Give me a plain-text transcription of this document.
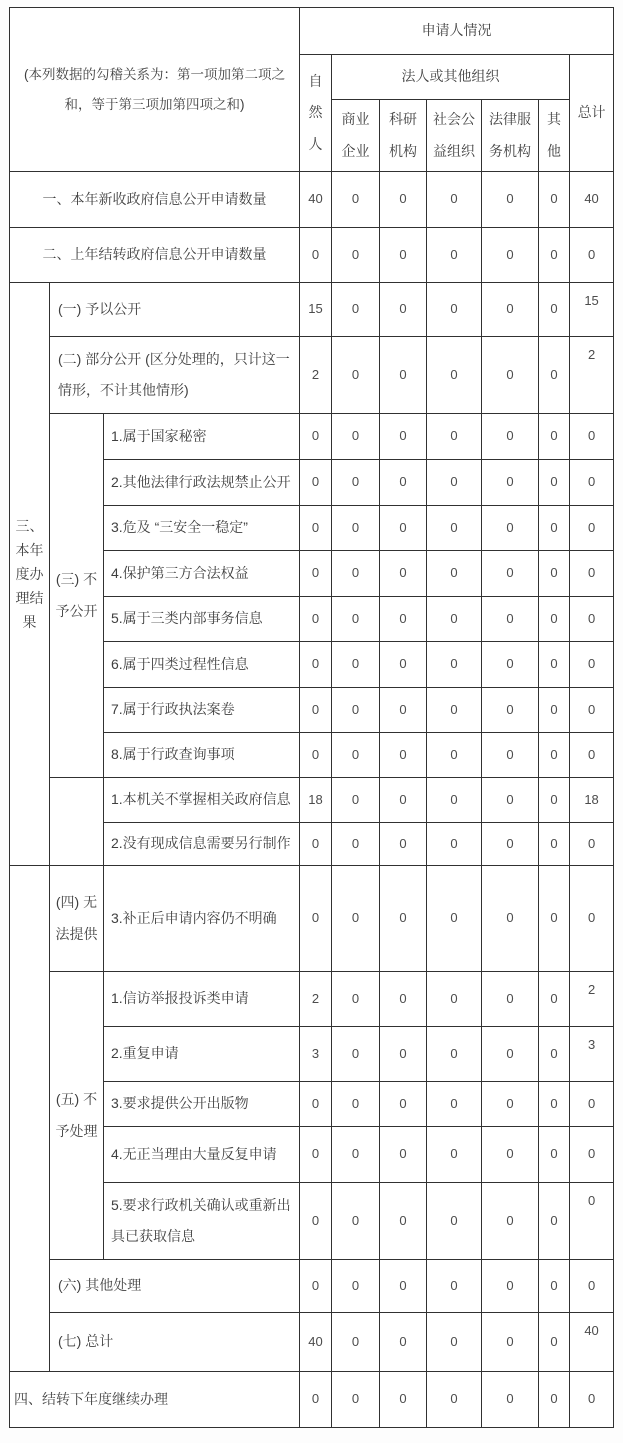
(本列数据的勾稽关系为：第一项加第二项之和，等于第三项加第四项之和)			申请人情况						
			自然人	法人或其他组织					总计
				商业企业	科研机构	社会公益组织	法律服务机构	其他	
一、本年新收政府信息公开申请数量			40	0	0	0	0	0	40
二、上年结转政府信息公开申请数量			0	0	0	0	0	0	0
三、本年度办理结果	(一) 予以公开		15	0	0	0	0	0	15
	(二) 部分公开 (区分处理的，只计这一情形，不计其他情形)		2	0	0	0	0	0	2
	(三) 不予公开	1.属于国家秘密	0	0	0	0	0	0	0
		2.其他法律行政法规禁止公开	0	0	0	0	0	0	0
		3.危及 “三安全一稳定”	0	0	0	0	0	0	0
		4.保护第三方合法权益	0	0	0	0	0	0	0
		5.属于三类内部事务信息	0	0	0	0	0	0	0
		6.属于四类过程性信息	0	0	0	0	0	0	0
		7.属于行政执法案卷	0	0	0	0	0	0	0
		8.属于行政查询事项	0	0	0	0	0	0	0
		1.本机关不掌握相关政府信息	18	0	0	0	0	0	18
		2.没有现成信息需要另行制作	0	0	0	0	0	0	0
	(四) 无法提供	3.补正后申请内容仍不明确	0	0	0	0	0	0	0
	(五) 不予处理	1.信访举报投诉类申请	2	0	0	0	0	0	2
		2.重复申请	3	0	0	0	0	0	3
		3.要求提供公开出版物	0	0	0	0	0	0	0
		4.无正当理由大量反复申请	0	0	0	0	0	0	0
		5.要求行政机关确认或重新出具已获取信息	0	0	0	0	0	0	0
	(六) 其他处理		0	0	0	0	0	0	0
	(七) 总计		40	0	0	0	0	0	40
四、结转下年度继续办理			0	0	0	0	0	0	0
